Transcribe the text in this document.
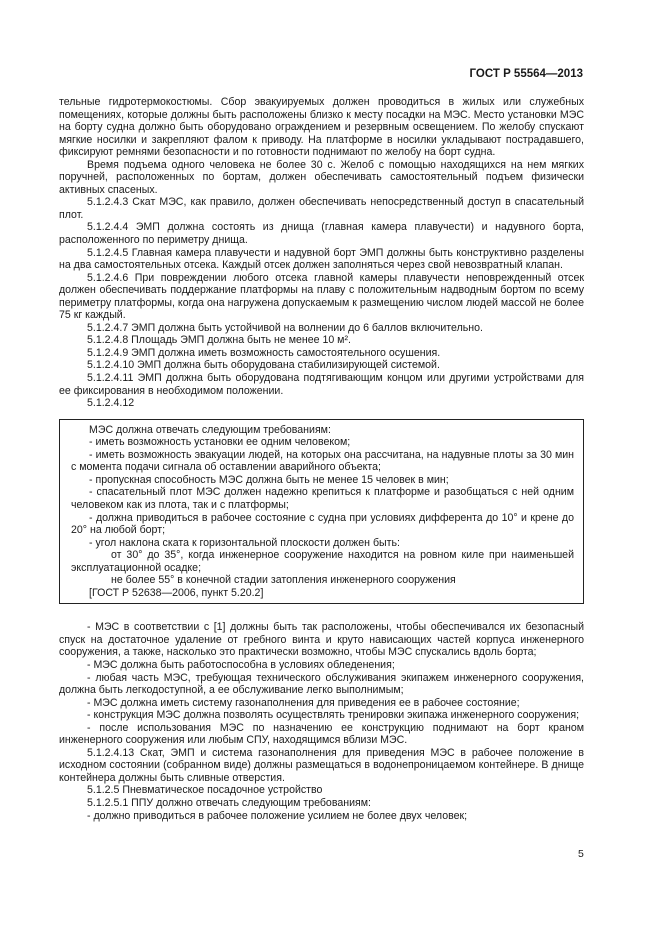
ГОСТ Р 55564—2013

тельные гидротермокостюмы. Сбор эвакуируемых должен проводиться в жилых или служебных помещениях, которые должны быть расположены близко к месту посадки на МЭС. Место установки МЭС на борту судна должно быть оборудовано ограждением и резервным освещением. По желобу спускают мягкие носилки и закрепляют фалом к приводу. На платформе в носилки укладывают пострадавшего, фиксируют ремнями безопасности и по готовности поднимают по желобу на борт судна.

Время подъема одного человека не более 30 с. Желоб с помощью находящихся на нем мягких поручней, расположенных по бортам, должен обеспечивать самостоятельный подъем физически активных спасеных.

5.1.2.4.3 Скат МЭС, как правило, должен обеспечивать непосредственный доступ в спасательный плот.

5.1.2.4.4 ЭМП должна состоять из днища (главная камера плавучести) и надувного борта, расположенного по периметру днища.

5.1.2.4.5 Главная камера плавучести и надувной борт ЭМП должны быть конструктивно разделены на два самостоятельных отсека. Каждый отсек должен заполняться через свой невозвратный клапан.

5.1.2.4.6 При повреждении любого отсека главной камеры плавучести неповрежденный отсек должен обеспечивать поддержание платформы на плаву с положительным надводным бортом по всему периметру платформы, когда она нагружена допускаемым к размещению числом людей массой не более 75 кг каждый.

5.1.2.4.7 ЭМП должна быть устойчивой на волнении до 6 баллов включительно.

5.1.2.4.8 Площадь ЭМП должна быть не менее 10 м².

5.1.2.4.9 ЭМП должна иметь возможность самостоятельного осушения.

5.1.2.4.10 ЭМП должна быть оборудована стабилизирующей системой.

5.1.2.4.11 ЭМП должна быть оборудована подтягивающим концом или другими устройствами для ее фиксирования в необходимом положении.

5.1.2.4.12

МЭС должна отвечать следующим требованиям:

- иметь возможность установки ее одним человеком;

- иметь возможность эвакуации людей, на которых она рассчитана, на надувные плоты за 30 мин с момента подачи сигнала об оставлении аварийного объекта;

- пропускная способность МЭС должна быть не менее 15 человек в мин;

- спасательный плот МЭС должен надежно крепиться к платформе и разобщаться с ней одним человеком как из плота, так и с платформы;

- должна приводиться в рабочее состояние с судна при условиях дифферента до 10° и крене до 20° на любой борт;

- угол наклона ската к горизонтальной плоскости должен быть:

от 30° до 35°, когда инженерное сооружение находится на ровном киле при наименьшей эксплуатационной осадке;

не более 55° в конечной стадии затопления инженерного сооружения

[ГОСТ Р 52638—2006, пункт 5.20.2]

- МЭС в соответствии с [1] должны быть так расположены, чтобы обеспечивался их безопасный спуск на достаточное удаление от гребного винта и круто нависающих частей корпуса инженерного сооружения, а также, насколько это практически возможно, чтобы МЭС спускались вдоль борта;

- МЭС должна быть работоспособна в условиях обледенения;

- любая часть МЭС, требующая технического обслуживания экипажем инженерного сооружения, должна быть легкодоступной, а ее обслуживание легко выполнимым;

- МЭС должна иметь систему газонаполнения для приведения ее в рабочее состояние;

- конструкция МЭС должна позволять осуществлять тренировки экипажа инженерного сооружения;

- после использования МЭС по назначению ее конструкцию поднимают на борт краном инженерного сооружения или любым СПУ, находящимся вблизи МЭС.

5.1.2.4.13 Скат, ЭМП и система газонаполнения для приведения МЭС в рабочее положение в исходном состоянии (собранном виде) должны размещаться в водонепроницаемом контейнере. В днище контейнера должны быть сливные отверстия.

5.1.2.5 Пневматическое посадочное устройство

5.1.2.5.1 ППУ должно отвечать следующим требованиям:

- должно приводиться в рабочее положение усилием не более двух человек;

5
